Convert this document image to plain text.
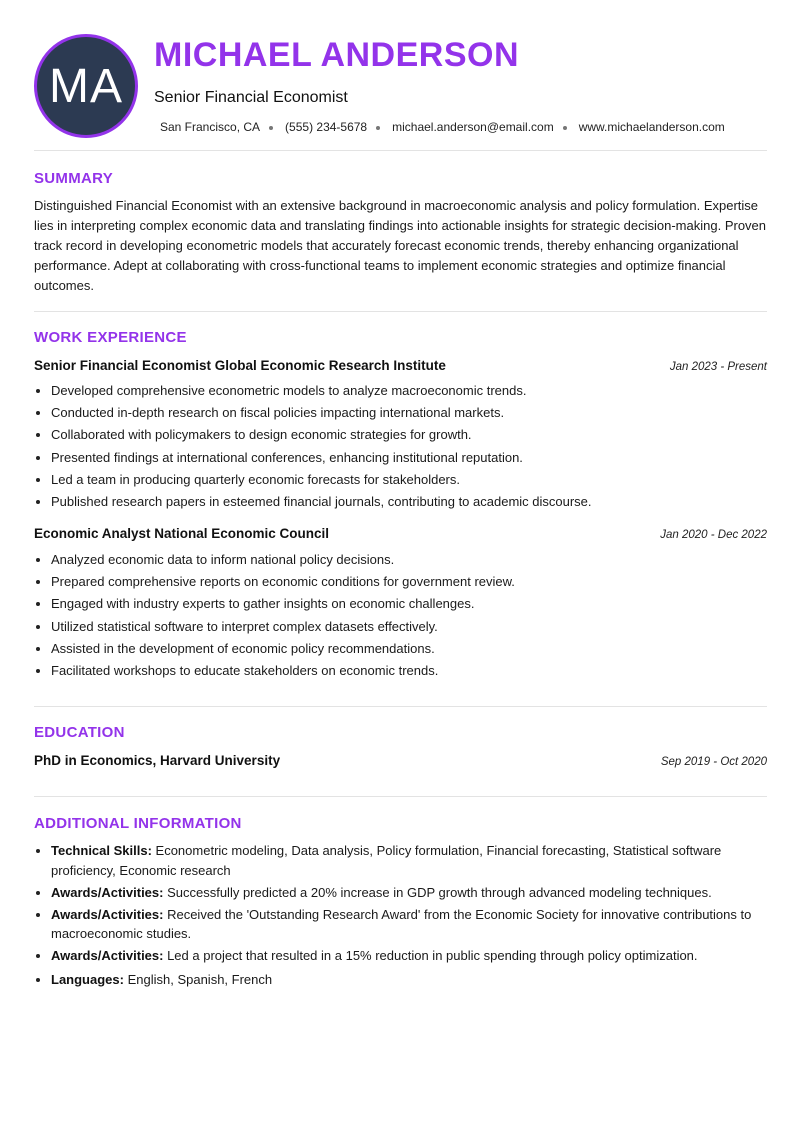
MA
MICHAEL ANDERSON
Senior Financial Economist
San Francisco, CA (555) 234-5678 michael.anderson@email.com www.michaelanderson.com
SUMMARY

Distinguished Financial Economist with an extensive background in macroeconomic analysis and policy formulation. Expertise lies in interpreting complex economic data and translating findings into actionable insights for strategic decision-making. Proven track record in developing econometric models that accurately forecast economic trends, thereby enhancing organizational performance. Adept at collaborating with cross-functional teams to implement economic strategies and optimize financial outcomes.

WORK EXPERIENCE
Senior Financial Economist Global Economic Research Institute	Jan 2023 - Present
Developed comprehensive econometric models to analyze macroeconomic trends.
Conducted in-depth research on fiscal policies impacting international markets.
Collaborated with policymakers to design economic strategies for growth.
Presented findings at international conferences, enhancing institutional reputation.
Led a team in producing quarterly economic forecasts for stakeholders.
Published research papers in esteemed financial journals, contributing to academic discourse.
Economic Analyst National Economic Council	Jan 2020 - Dec 2022
Analyzed economic data to inform national policy decisions.
Prepared comprehensive reports on economic conditions for government review.
Engaged with industry experts to gather insights on economic challenges.
Utilized statistical software to interpret complex datasets effectively.
Assisted in the development of economic policy recommendations.
Facilitated workshops to educate stakeholders on economic trends.
EDUCATION
PhD in Economics, Harvard University	Sep 2019 - Oct 2020
ADDITIONAL INFORMATION
Technical Skills: Econometric modeling, Data analysis, Policy formulation, Financial forecasting, Statistical software proficiency, Economic research
Awards/Activities: Successfully predicted a 20% increase in GDP growth through advanced modeling techniques.
Awards/Activities: Received the 'Outstanding Research Award' from the Economic Society for innovative contributions to macroeconomic studies.
Awards/Activities: Led a project that resulted in a 15% reduction in public spending through policy optimization.
Languages: English, Spanish, French
